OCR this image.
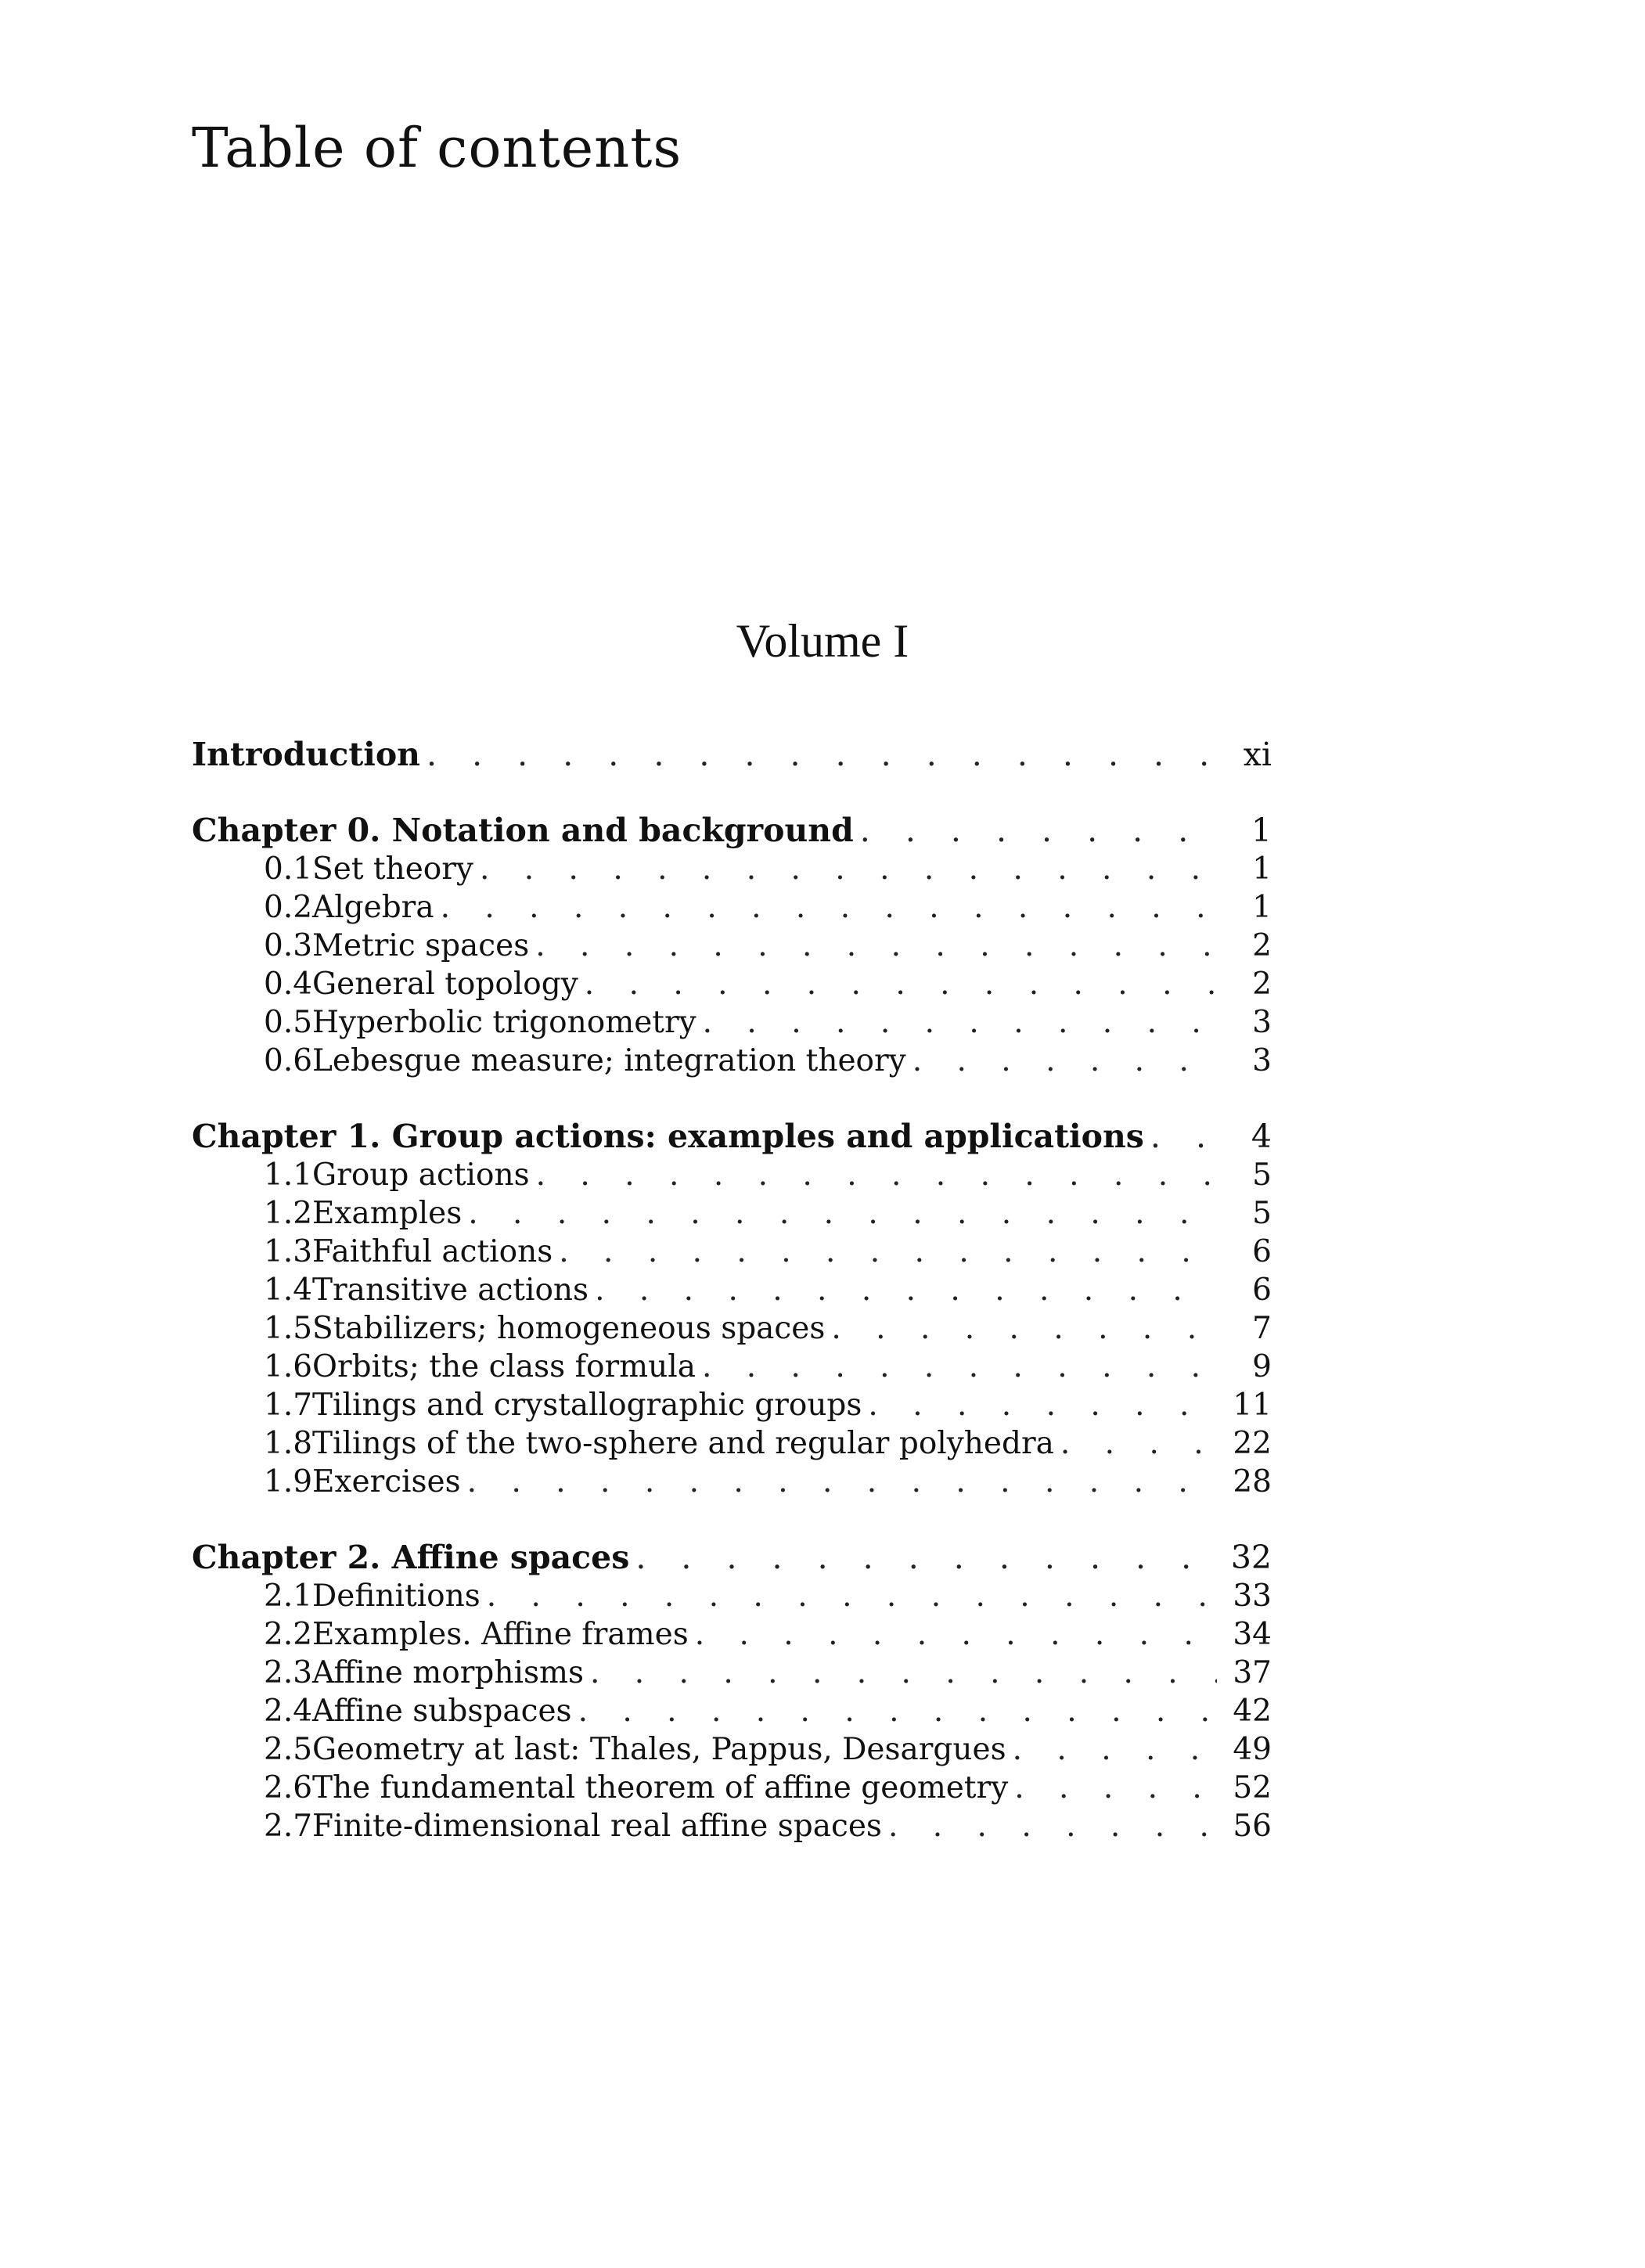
Table of contents
Volume I
Introduction . . .	xi
Chapter 0. Notation and background . . .	1
0.1 Set theory . . .	1
0.2 Algebra . . .	1
0.3 Metric spaces . . .	2
0.4 General topology . . .	2
0.5 Hyperbolic trigonometry . . .	3
0.6 Lebesgue measure; integration theory . . .	3
Chapter 1. Group actions: examples and applications . . .	4
1.1 Group actions . . .	5
1.2 Examples . . .	5
1.3 Faithful actions . . .	6
1.4 Transitive actions . . .	6
1.5 Stabilizers; homogeneous spaces . . .	7
1.6 Orbits; the class formula . . .	9
1.7 Tilings and crystallographic groups . . .	11
1.8 Tilings of the two-sphere and regular polyhedra . . .	22
1.9 Exercises . . .	28
Chapter 2. Affine spaces . . .	32
2.1 Definitions . . .	33
2.2 Examples. Affine frames . . .	34
2.3 Affine morphisms . . .	37
2.4 Affine subspaces . . .	42
2.5 Geometry at last: Thales, Pappus, Desargues . . .	49
2.6 The fundamental theorem of affine geometry . . .	52
2.7 Finite-dimensional real affine spaces . . .	56
